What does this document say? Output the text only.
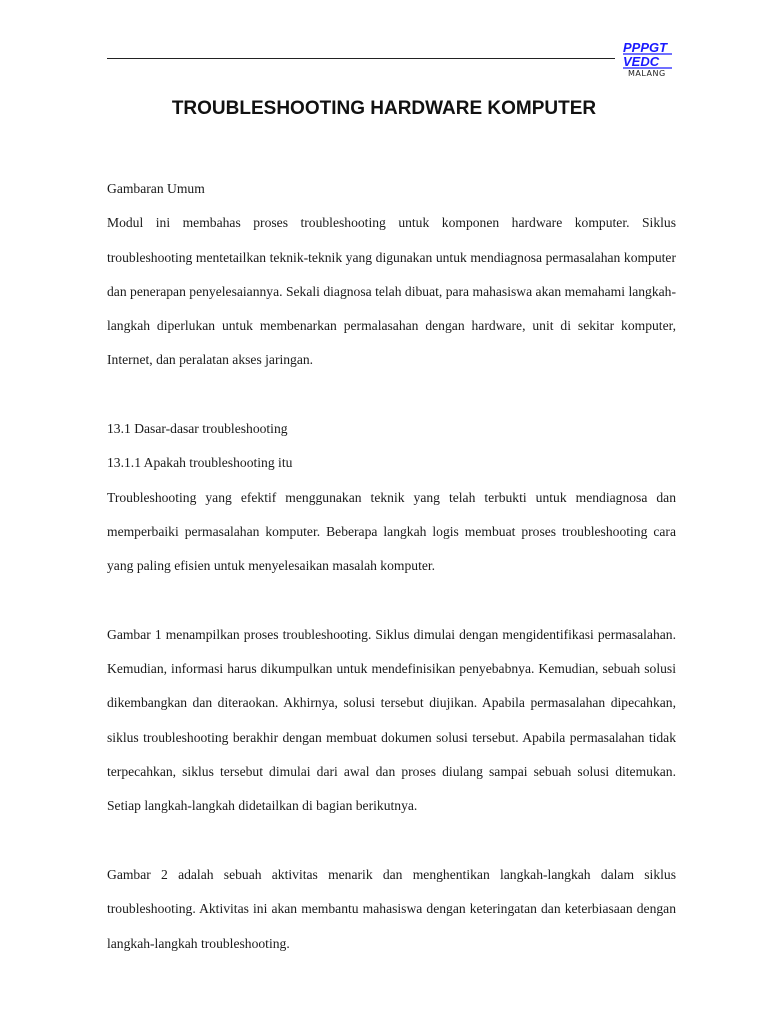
PPPGT
VEDC
MALANG
TROUBLESHOOTING HARDWARE KOMPUTER

Gambaran Umum

Modul ini membahas proses troubleshooting untuk komponen hardware komputer. Siklus troubleshooting mentetailkan teknik-teknik yang digunakan untuk mendiagnosa permasalahan komputer dan penerapan penyelesaiannya. Sekali diagnosa telah dibuat, para mahasiswa akan memahami langkah-langkah diperlukan untuk membenarkan permalasahan dengan hardware, unit di sekitar komputer, Internet, dan peralatan akses jaringan.

13.1 Dasar-dasar troubleshooting

13.1.1 Apakah troubleshooting itu

Troubleshooting yang efektif menggunakan teknik yang telah terbukti untuk mendiagnosa dan memperbaiki permasalahan komputer. Beberapa langkah logis membuat proses troubleshooting cara yang paling efisien untuk menyelesaikan masalah komputer.

Gambar 1 menampilkan proses troubleshooting. Siklus dimulai dengan mengidentifikasi permasalahan. Kemudian, informasi harus dikumpulkan untuk mendefinisikan penyebabnya. Kemudian, sebuah solusi dikembangkan dan diteraokan. Akhirnya, solusi tersebut diujikan. Apabila permasalahan dipecahkan, siklus troubleshooting berakhir dengan membuat dokumen solusi tersebut. Apabila permasalahan tidak terpecahkan, siklus tersebut dimulai dari awal dan proses diulang sampai sebuah solusi ditemukan. Setiap langkah-langkah didetailkan di bagian berikutnya.

Gambar 2 adalah sebuah aktivitas menarik dan menghentikan langkah-langkah dalam siklus troubleshooting. Aktivitas ini akan membantu mahasiswa dengan keteringatan dan keterbiasaan dengan langkah-langkah troubleshooting.
